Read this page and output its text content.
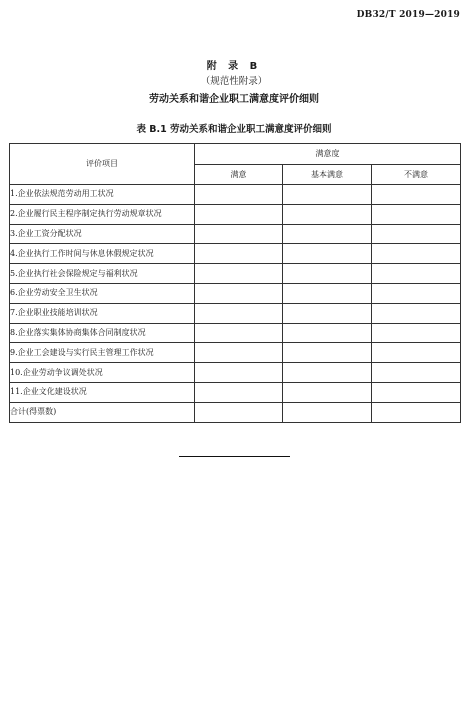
DB32/T 2019—2019
附 录 B
（规范性附录）
劳动关系和谐企业职工满意度评价细则
表 B.1 劳动关系和谐企业职工满意度评价细则
评价项目	满意度		
	满意	基本满意	不满意
1.企业依法规范劳动用工状况			
2.企业履行民主程序制定执行劳动规章状况			
3.企业工资分配状况			
4.企业执行工作时间与休息休假规定状况			
5.企业执行社会保险规定与福利状况			
6.企业劳动安全卫生状况			
7.企业职业技能培训状况			
8.企业落实集体协商集体合同制度状况			
9.企业工会建设与实行民主管理工作状况			
10.企业劳动争议调处状况			
11.企业文化建设状况			
合计(得票数)			
